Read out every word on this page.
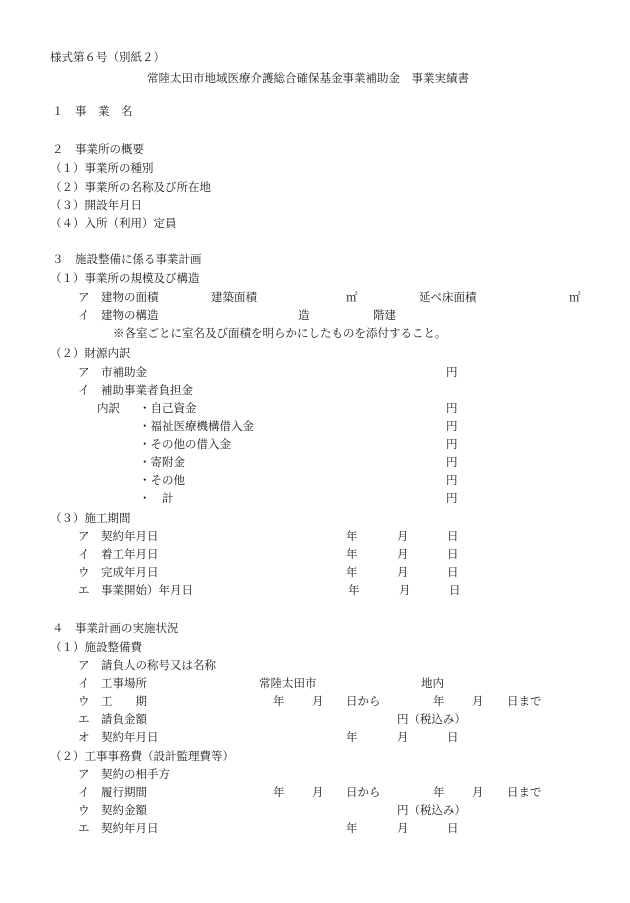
様式第６号（別紙２）
常陸太田市地域医療介護総合確保基金事業補助金　事業実績書
１　事　業　名
２　事業所の概要
（１）事業所の種別
（２）事業所の名称及び所在地
（３）開設年月日
（４）入所（利用）定員
３　施設整備に係る事業計画
（１）事業所の規模及び構造
ア　建物の面積	建築面積	㎡	延べ床面積	㎡
イ　建物の構造	造	階建
※各室ごとに室名及び面積を明らかにしたものを添付すること。
（２）財源内訳
ア　市補助金	円
イ　補助事業者負担金
内訳 ・自己資金	円
・福祉医療機構借入金	円
・その他の借入金	円
・寄附金	円
・その他	円
・　計	円
（３）施工期間
ア　契約年月日	年	月	日
イ　着工年月日	年	月	日
ウ　完成年月日	年	月	日
エ　事業開始）年月日	年	月	日
４　事業計画の実施状況
（１）施設整備費
ア　請負人の称号又は名称
イ　工事場所	常陸太田市	地内
ウ　工　　期	年 月 日から	年 月 日まで
エ　請負金額	円（税込み）
オ　契約年月日	年	月	日
（２）工事事務費（設計監理費等）
ア　契約の相手方
イ　履行期間	年 月 日から	年 月 日まで
ウ　契約金額	円（税込み）
エ　契約年月日	年	月	日
